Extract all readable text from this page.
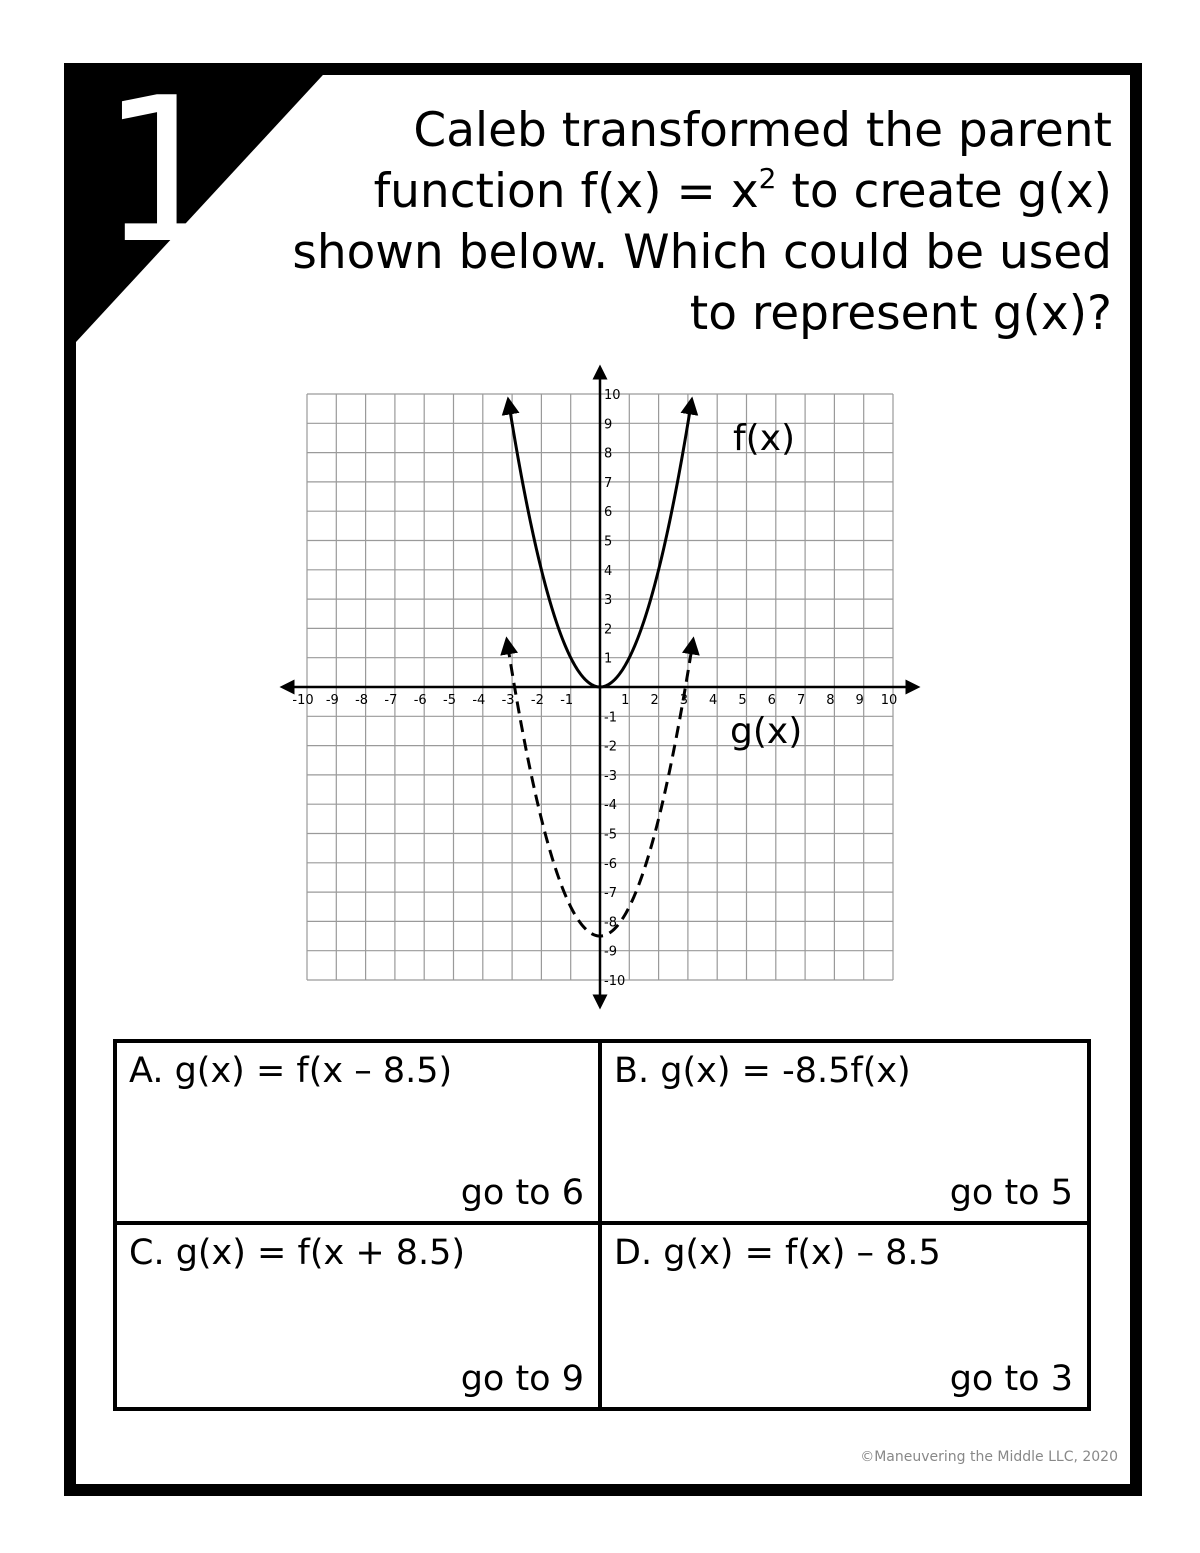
1	Caleb transformed the parent
function $f(x) = x^2$ to create g(x)
shown below. Which could be used
to represent g(x)?
-10 -9 -8 -7 -6 -5 -4 -3 -2 -1	1 2 3 4 5 6 7 8 9 10
-10
-9
-8
-7
-6
-5
-4
-3
-2
-1
1
2
3
4
5
6
7
8
9
10
f(x)
g(x)
A. g(x) = f(x – 8.5)
go to 6
B. g(x) = -8.5f(x)
go to 5
C. g(x) = f(x + 8.5)
go to 9
D. g(x) = f(x) – 8.5
go to 3
©Maneuvering the Middle LLC, 2020
